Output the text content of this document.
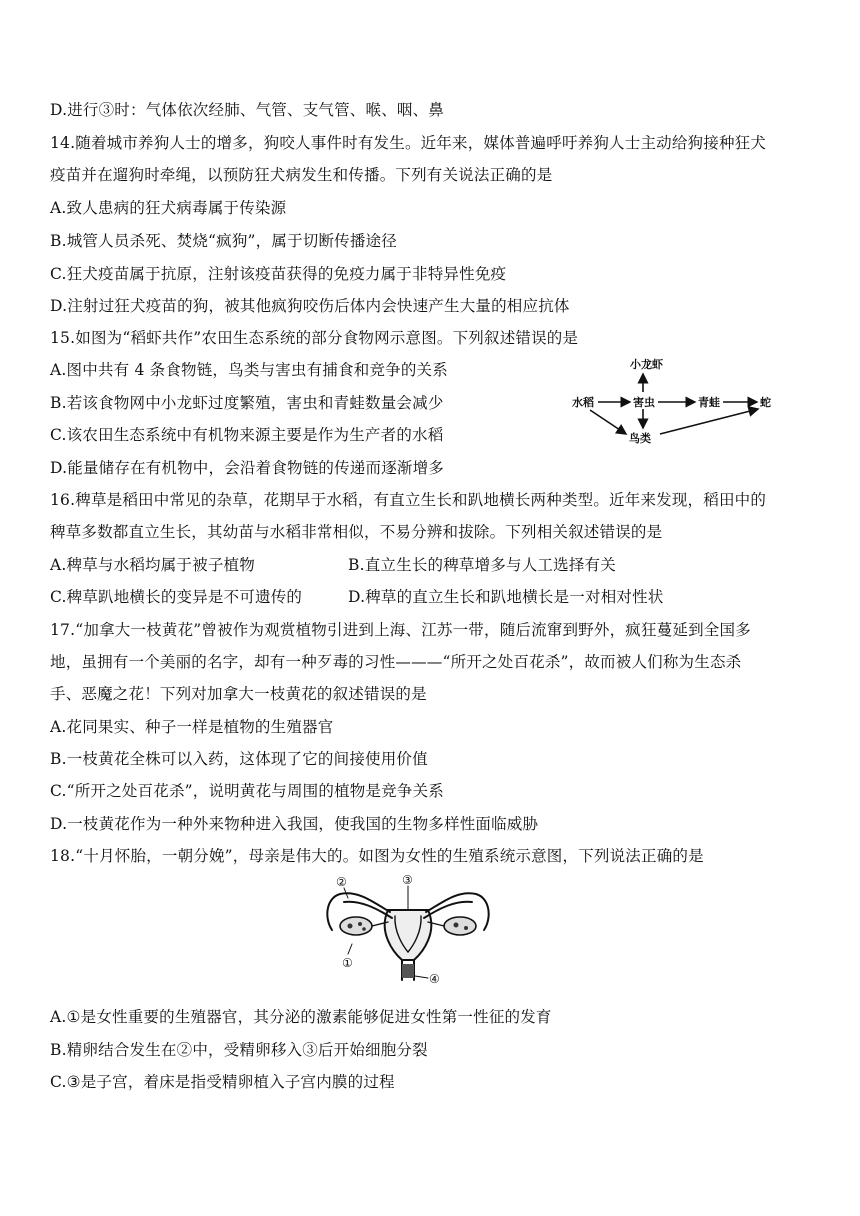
D.进行③时：气体依次经肺、气管、支气管、喉、咽、鼻
14.随着城市养狗人士的增多，狗咬人事件时有发生。近年来，媒体普遍呼吁养狗人士主动给狗接种狂犬
疫苗并在遛狗时牵绳，以预防狂犬病发生和传播。下列有关说法正确的是
A.致人患病的狂犬病毒属于传染源
B.城管人员杀死、焚烧“疯狗”，属于切断传播途径
C.狂犬疫苗属于抗原，注射该疫苗获得的免疫力属于非特异性免疫
D.注射过狂犬疫苗的狗，被其他疯狗咬伤后体内会快速产生大量的相应抗体
15.如图为“稻虾共作”农田生态系统的部分食物网示意图。下列叙述错误的是
A.图中共有 4 条食物链，鸟类与害虫有捕食和竞争的关系
B.若该食物网中小龙虾过度繁殖，害虫和青蛙数量会减少
C.该农田生态系统中有机物来源主要是作为生产者的水稻
D.能量储存在有机物中，会沿着食物链的传递而逐渐增多
小龙虾
水稻	害虫	青蛙	蛇
鸟类
16.稗草是稻田中常见的杂草，花期早于水稻，有直立生长和趴地横长两种类型。近年来发现，稻田中的
稗草多数都直立生长，其幼苗与水稻非常相似，不易分辨和拔除。下列相关叙述错误的是
A.稗草与水稻均属于被子植物	B.直立生长的稗草增多与人工选择有关
C.稗草趴地横长的变异是不可遗传的	D.稗草的直立生长和趴地横长是一对相对性状
17.“加拿大一枝黄花”曾被作为观赏植物引进到上海、江苏一带，随后流窜到野外，疯狂蔓延到全国多
地，虽拥有一个美丽的名字，却有一种歹毒的习性———“所开之处百花杀”，故而被人们称为生态杀
手、恶魔之花！下列对加拿大一枝黄花的叙述错误的是
A.花同果实、种子一样是植物的生殖器官
B.一枝黄花全株可以入药，这体现了它的间接使用价值
C.“所开之处百花杀”，说明黄花与周围的植物是竞争关系
D.一枝黄花作为一种外来物种进入我国，使我国的生物多样性面临威胁
18.“十月怀胎，一朝分娩”，母亲是伟大的。如图为女性的生殖系统示意图，下列说法正确的是
①
②	③
④
A.①是女性重要的生殖器官，其分泌的激素能够促进女性第一性征的发育
B.精卵结合发生在②中，受精卵移入③后开始细胞分裂
C.③是子宫，着床是指受精卵植入子宫内膜的过程
